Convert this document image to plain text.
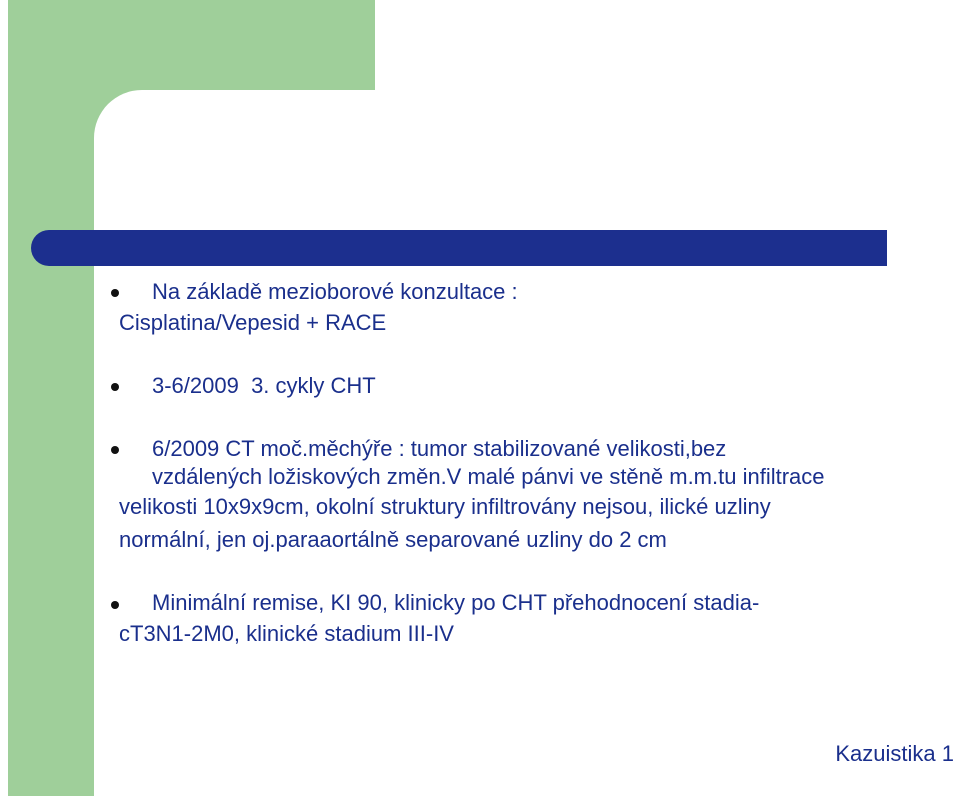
Na základě mezioborové konzultace :
Cisplatina/Vepesid + RACE
3-6/2009  3. cykly CHT
6/2009 CT moč.měchýře : tumor stabilizované velikosti,bez
vzdálených ložiskových změn.V malé pánvi ve stěně m.m.tu infiltrace
velikosti 10x9x9cm, okolní struktury infiltrovány nejsou, ilické uzliny
normální, jen oj.paraaortálně separované uzliny do 2 cm
Minimální remise, KI 90, klinicky po CHT přehodnocení stadia-
cT3N1-2M0, klinické stadium III-IV
Kazuistika 1
